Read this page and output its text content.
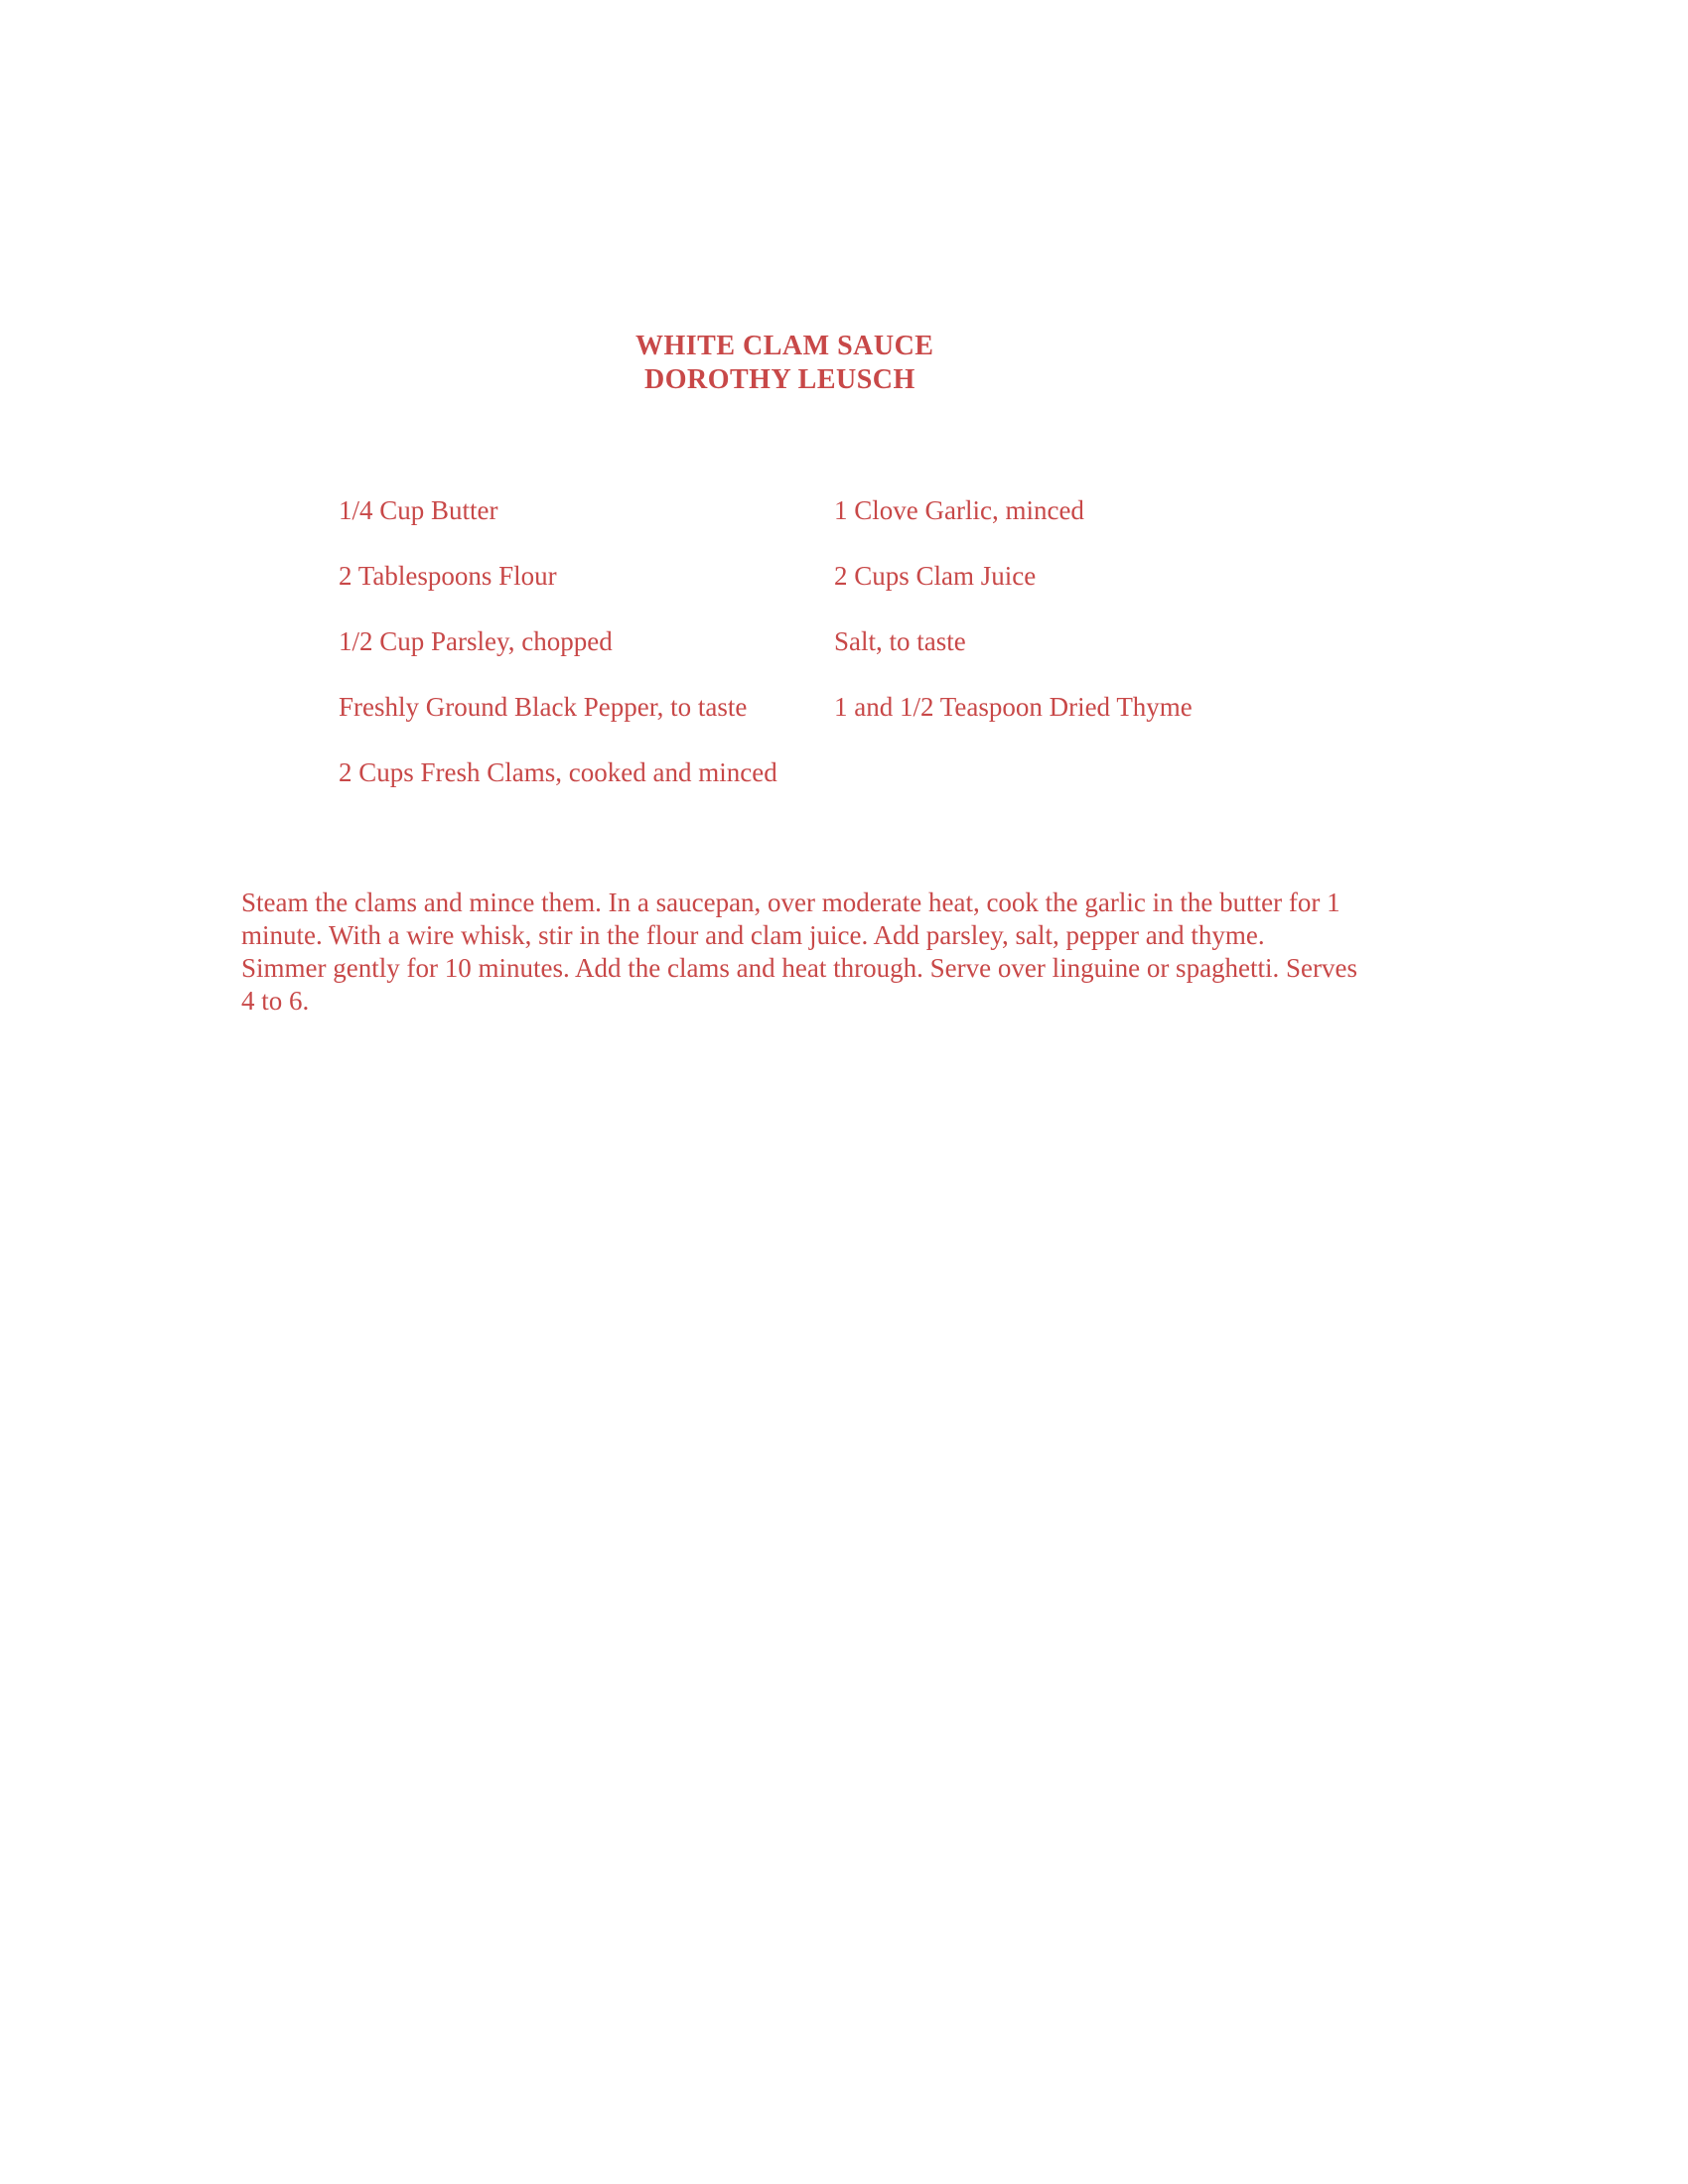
WHITE CLAM SAUCE
DOROTHY LEUSCH
1/4 Cup Butter	1 Clove Garlic, minced
2 Tablespoons Flour	2 Cups Clam Juice
1/2 Cup Parsley, chopped	Salt, to taste
Freshly Ground Black Pepper, to taste	1 and 1/2 Teaspoon Dried Thyme
2 Cups Fresh Clams, cooked and minced
Steam the clams and mince them. In a saucepan, over moderate heat, cook the garlic in the butter for 1
minute. With a wire whisk, stir in the flour and clam juice. Add parsley, salt, pepper and thyme.
Simmer gently for 10 minutes. Add the clams and heat through. Serve over linguine or spaghetti. Serves
4 to 6.
